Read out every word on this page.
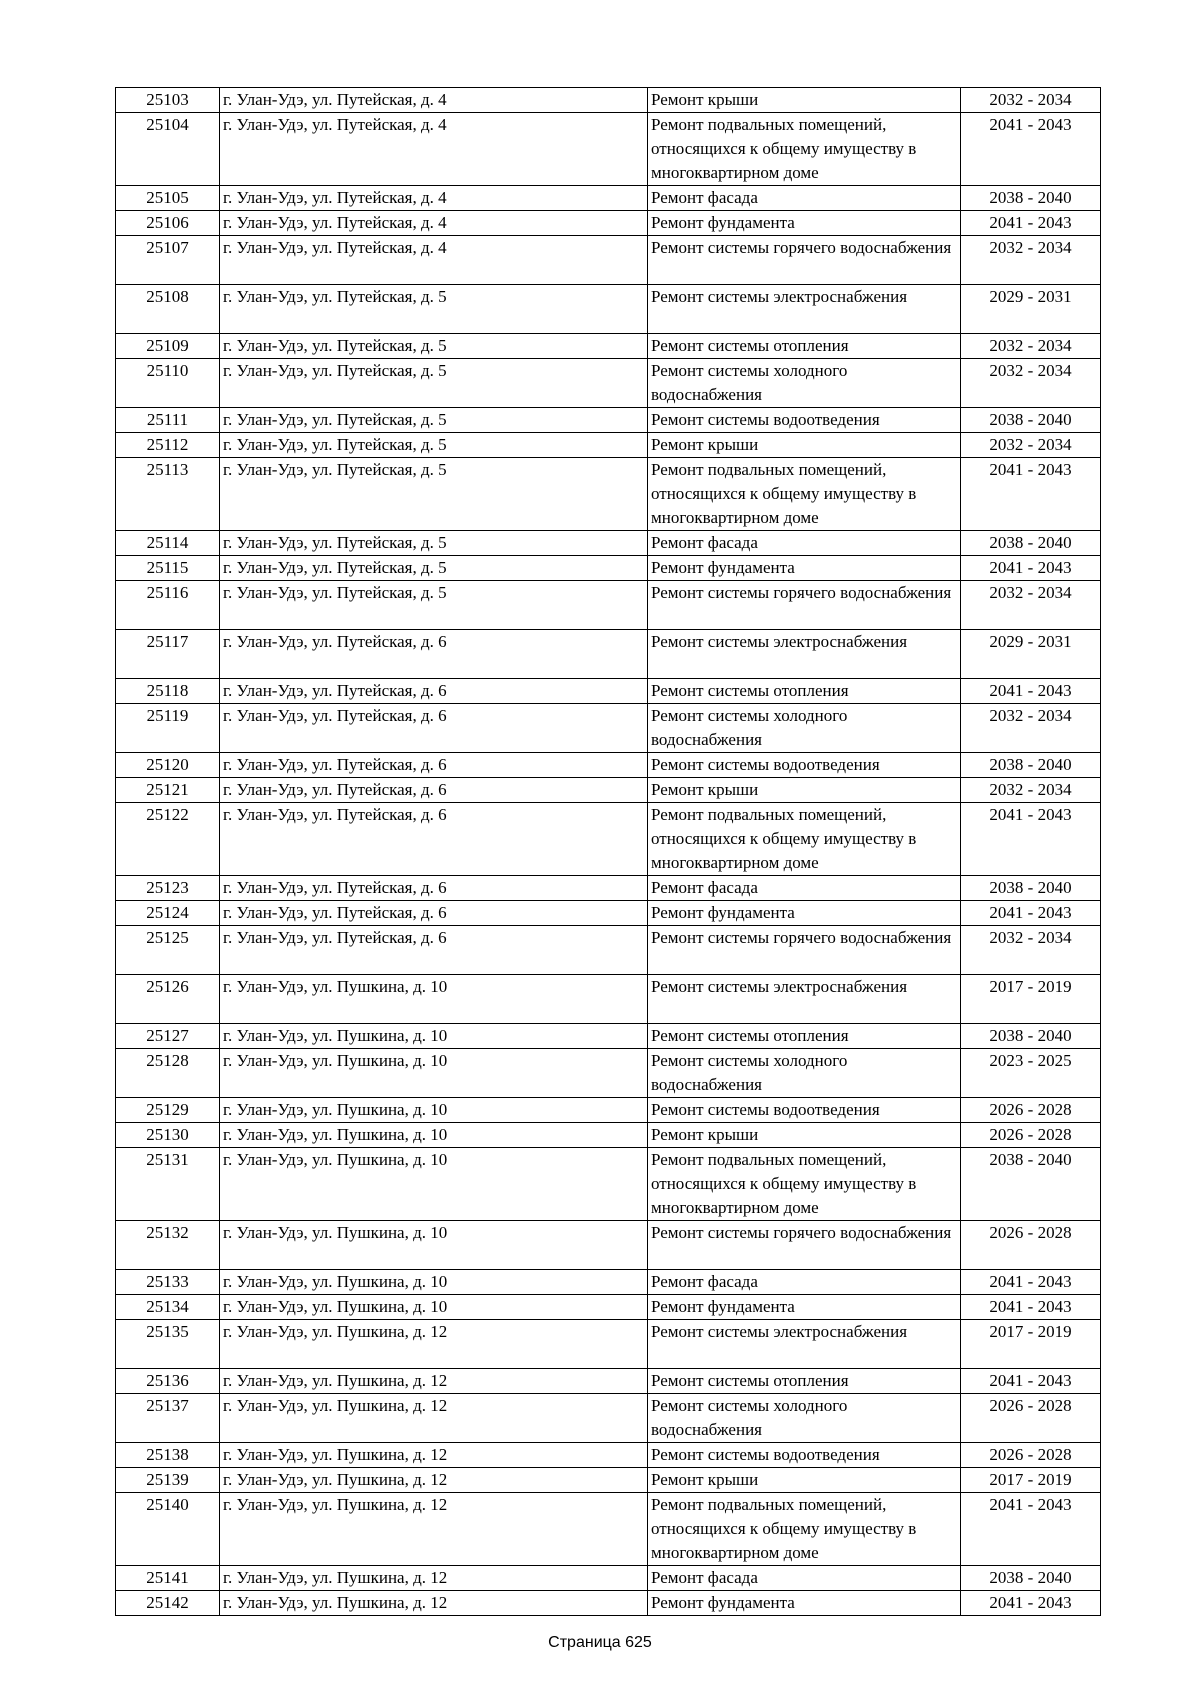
25103	г. Улан-Удэ, ул. Путейская, д. 4	Ремонт крыши	2032 - 2034
25104	г. Улан-Удэ, ул. Путейская, д. 4	Ремонт подвальных помещений, относящихся к общему имуществу в многоквартирном доме	2041 - 2043
25105	г. Улан-Удэ, ул. Путейская, д. 4	Ремонт фасада	2038 - 2040
25106	г. Улан-Удэ, ул. Путейская, д. 4	Ремонт фундамента	2041 - 2043
25107	г. Улан-Удэ, ул. Путейская, д. 4	Ремонт системы горячего водоснабжения	2032 - 2034
25108	г. Улан-Удэ, ул. Путейская, д. 5	Ремонт системы электроснабжения	2029 - 2031
25109	г. Улан-Удэ, ул. Путейская, д. 5	Ремонт системы отопления	2032 - 2034
25110	г. Улан-Удэ, ул. Путейская, д. 5	Ремонт системы холодного водоснабжения	2032 - 2034
25111	г. Улан-Удэ, ул. Путейская, д. 5	Ремонт системы водоотведения	2038 - 2040
25112	г. Улан-Удэ, ул. Путейская, д. 5	Ремонт крыши	2032 - 2034
25113	г. Улан-Удэ, ул. Путейская, д. 5	Ремонт подвальных помещений, относящихся к общему имуществу в многоквартирном доме	2041 - 2043
25114	г. Улан-Удэ, ул. Путейская, д. 5	Ремонт фасада	2038 - 2040
25115	г. Улан-Удэ, ул. Путейская, д. 5	Ремонт фундамента	2041 - 2043
25116	г. Улан-Удэ, ул. Путейская, д. 5	Ремонт системы горячего водоснабжения	2032 - 2034
25117	г. Улан-Удэ, ул. Путейская, д. 6	Ремонт системы электроснабжения	2029 - 2031
25118	г. Улан-Удэ, ул. Путейская, д. 6	Ремонт системы отопления	2041 - 2043
25119	г. Улан-Удэ, ул. Путейская, д. 6	Ремонт системы холодного водоснабжения	2032 - 2034
25120	г. Улан-Удэ, ул. Путейская, д. 6	Ремонт системы водоотведения	2038 - 2040
25121	г. Улан-Удэ, ул. Путейская, д. 6	Ремонт крыши	2032 - 2034
25122	г. Улан-Удэ, ул. Путейская, д. 6	Ремонт подвальных помещений, относящихся к общему имуществу в многоквартирном доме	2041 - 2043
25123	г. Улан-Удэ, ул. Путейская, д. 6	Ремонт фасада	2038 - 2040
25124	г. Улан-Удэ, ул. Путейская, д. 6	Ремонт фундамента	2041 - 2043
25125	г. Улан-Удэ, ул. Путейская, д. 6	Ремонт системы горячего водоснабжения	2032 - 2034
25126	г. Улан-Удэ, ул. Пушкина, д. 10	Ремонт системы электроснабжения	2017 - 2019
25127	г. Улан-Удэ, ул. Пушкина, д. 10	Ремонт системы отопления	2038 - 2040
25128	г. Улан-Удэ, ул. Пушкина, д. 10	Ремонт системы холодного водоснабжения	2023 - 2025
25129	г. Улан-Удэ, ул. Пушкина, д. 10	Ремонт системы водоотведения	2026 - 2028
25130	г. Улан-Удэ, ул. Пушкина, д. 10	Ремонт крыши	2026 - 2028
25131	г. Улан-Удэ, ул. Пушкина, д. 10	Ремонт подвальных помещений, относящихся к общему имуществу в многоквартирном доме	2038 - 2040
25132	г. Улан-Удэ, ул. Пушкина, д. 10	Ремонт системы горячего водоснабжения	2026 - 2028
25133	г. Улан-Удэ, ул. Пушкина, д. 10	Ремонт фасада	2041 - 2043
25134	г. Улан-Удэ, ул. Пушкина, д. 10	Ремонт фундамента	2041 - 2043
25135	г. Улан-Удэ, ул. Пушкина, д. 12	Ремонт системы электроснабжения	2017 - 2019
25136	г. Улан-Удэ, ул. Пушкина, д. 12	Ремонт системы отопления	2041 - 2043
25137	г. Улан-Удэ, ул. Пушкина, д. 12	Ремонт системы холодного водоснабжения	2026 - 2028
25138	г. Улан-Удэ, ул. Пушкина, д. 12	Ремонт системы водоотведения	2026 - 2028
25139	г. Улан-Удэ, ул. Пушкина, д. 12	Ремонт крыши	2017 - 2019
25140	г. Улан-Удэ, ул. Пушкина, д. 12	Ремонт подвальных помещений, относящихся к общему имуществу в многоквартирном доме	2041 - 2043
25141	г. Улан-Удэ, ул. Пушкина, д. 12	Ремонт фасада	2038 - 2040
25142	г. Улан-Удэ, ул. Пушкина, д. 12	Ремонт фундамента	2041 - 2043
Страница 625
